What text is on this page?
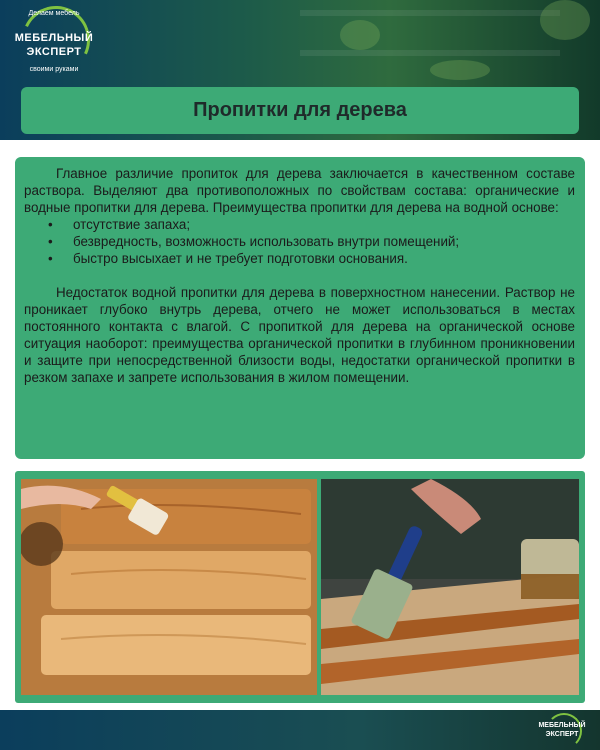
Делаем мебель
МЕБЕЛЬНЫЙ
ЭКСПЕРТ
своими руками
Пропитки для дерева

Главное различие пропиток для дерева заключается в качественном составе раствора. Выделяют два противоположных по свойствам состава: органические и водные пропитки для дерева. Преимущества пропитки для дерева на водной основе:

• отсутствие запаха;
• безвредность, возможность использовать внутри помещений;
• быстро высыхает и не требует подготовки основания.

Недостаток водной пропитки для дерева в поверхностном нанесении. Раствор не проникает глубоко внутрь дерева, отчего не может использоваться в местах постоянного контакта с влагой. С пропиткой для дерева на органической основе ситуация наоборот: преимущества органической пропитки в глубинном проникновении и защите при непосредственной близости воды, недостатки органической пропитки в резком запахе и запрете использования в жилом помещении.

МЕБЕЛЬНЫЙ
ЭКСПЕРТ
